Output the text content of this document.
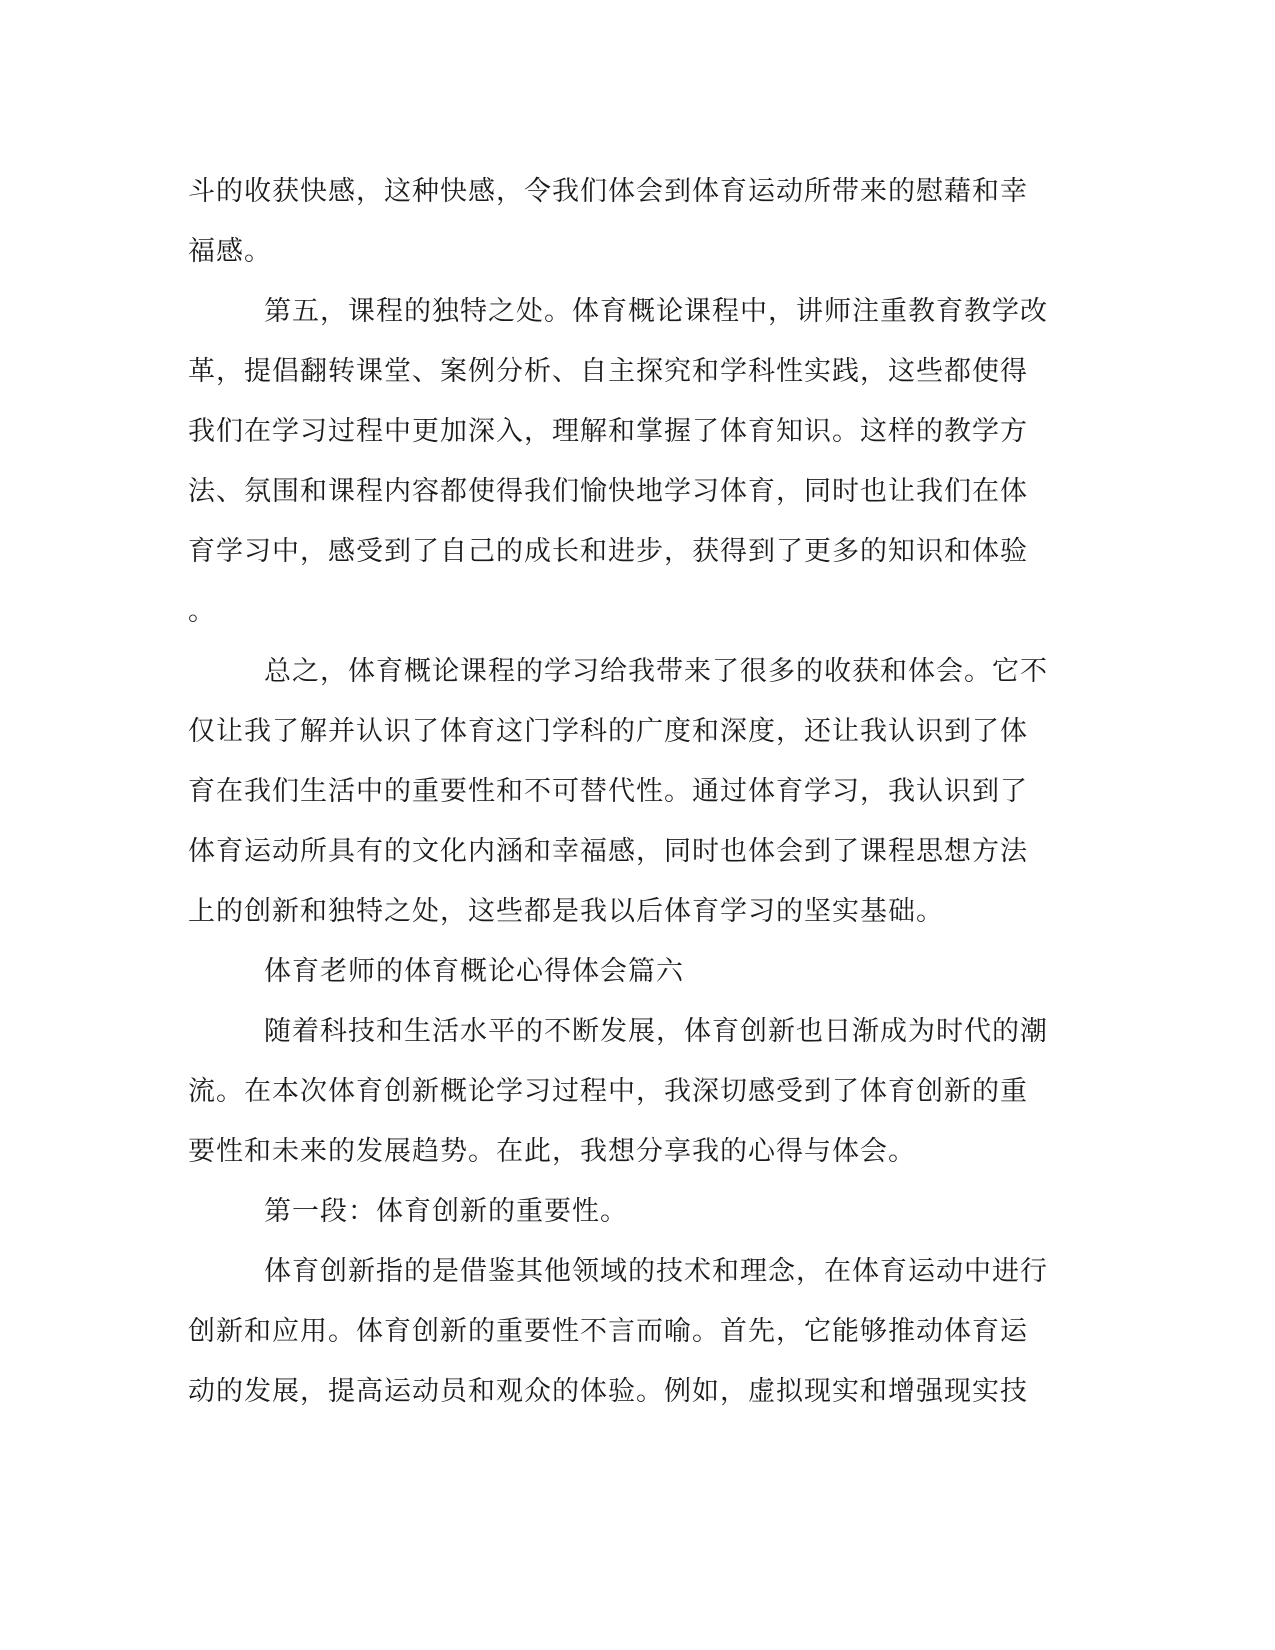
斗的收获快感，这种快感，令我们体会到体育运动所带来的慰藉和幸
福感。
第五，课程的独特之处。体育概论课程中，讲师注重教育教学改
革，提倡翻转课堂、案例分析、自主探究和学科性实践，这些都使得
我们在学习过程中更加深入，理解和掌握了体育知识。这样的教学方
法、氛围和课程内容都使得我们愉快地学习体育，同时也让我们在体
育学习中，感受到了自己的成长和进步，获得到了更多的知识和体验
。
总之，体育概论课程的学习给我带来了很多的收获和体会。它不
仅让我了解并认识了体育这门学科的广度和深度，还让我认识到了体
育在我们生活中的重要性和不可替代性。通过体育学习，我认识到了
体育运动所具有的文化内涵和幸福感，同时也体会到了课程思想方法
上的创新和独特之处，这些都是我以后体育学习的坚实基础。
体育老师的体育概论心得体会篇六
随着科技和生活水平的不断发展，体育创新也日渐成为时代的潮
流。在本次体育创新概论学习过程中，我深切感受到了体育创新的重
要性和未来的发展趋势。在此，我想分享我的心得与体会。
第一段：体育创新的重要性。
体育创新指的是借鉴其他领域的技术和理念，在体育运动中进行
创新和应用。体育创新的重要性不言而喻。首先，它能够推动体育运
动的发展，提高运动员和观众的体验。例如，虚拟现实和增强现实技
